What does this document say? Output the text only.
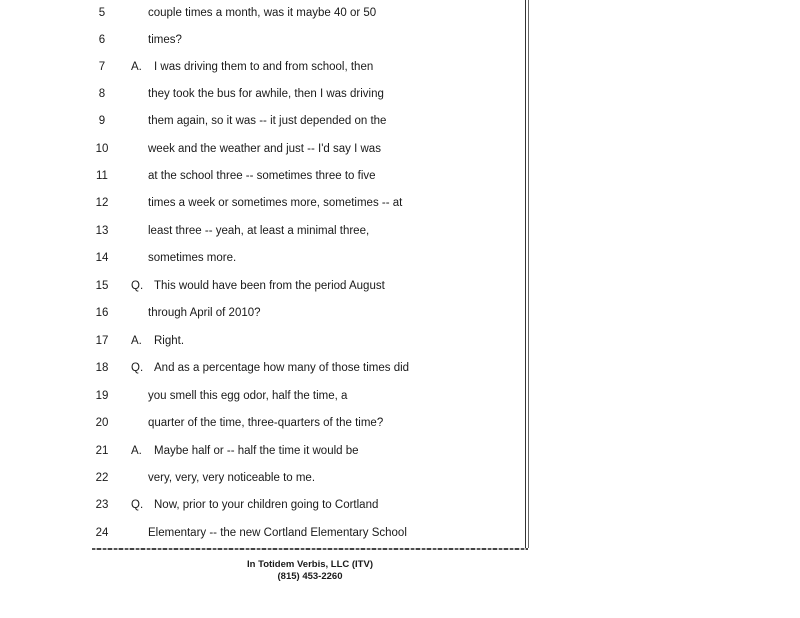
5	couple times a month, was it maybe 40 or 50
6	times?
7	A. I was driving them to and from school, then
8	they took the bus for awhile, then I was driving
9	them again, so it was -- it just depended on the
10	week and the weather and just -- I'd say I was
11	at the school three -- sometimes three to five
12	times a week or sometimes more, sometimes -- at
13	least three -- yeah, at least a minimal three,
14	sometimes more.
15	Q. This would have been from the period August
16	through April of 2010?
17	A. Right.
18	Q. And as a percentage how many of those times did
19	you smell this egg odor, half the time, a
20	quarter of the time, three-quarters of the time?
21	A. Maybe half or -- half the time it would be
22	very, very, very noticeable to me.
23	Q. Now, prior to your children going to Cortland
24	Elementary -- the new Cortland Elementary School
In Totidem Verbis, LLC (ITV)
(815) 453-2260
